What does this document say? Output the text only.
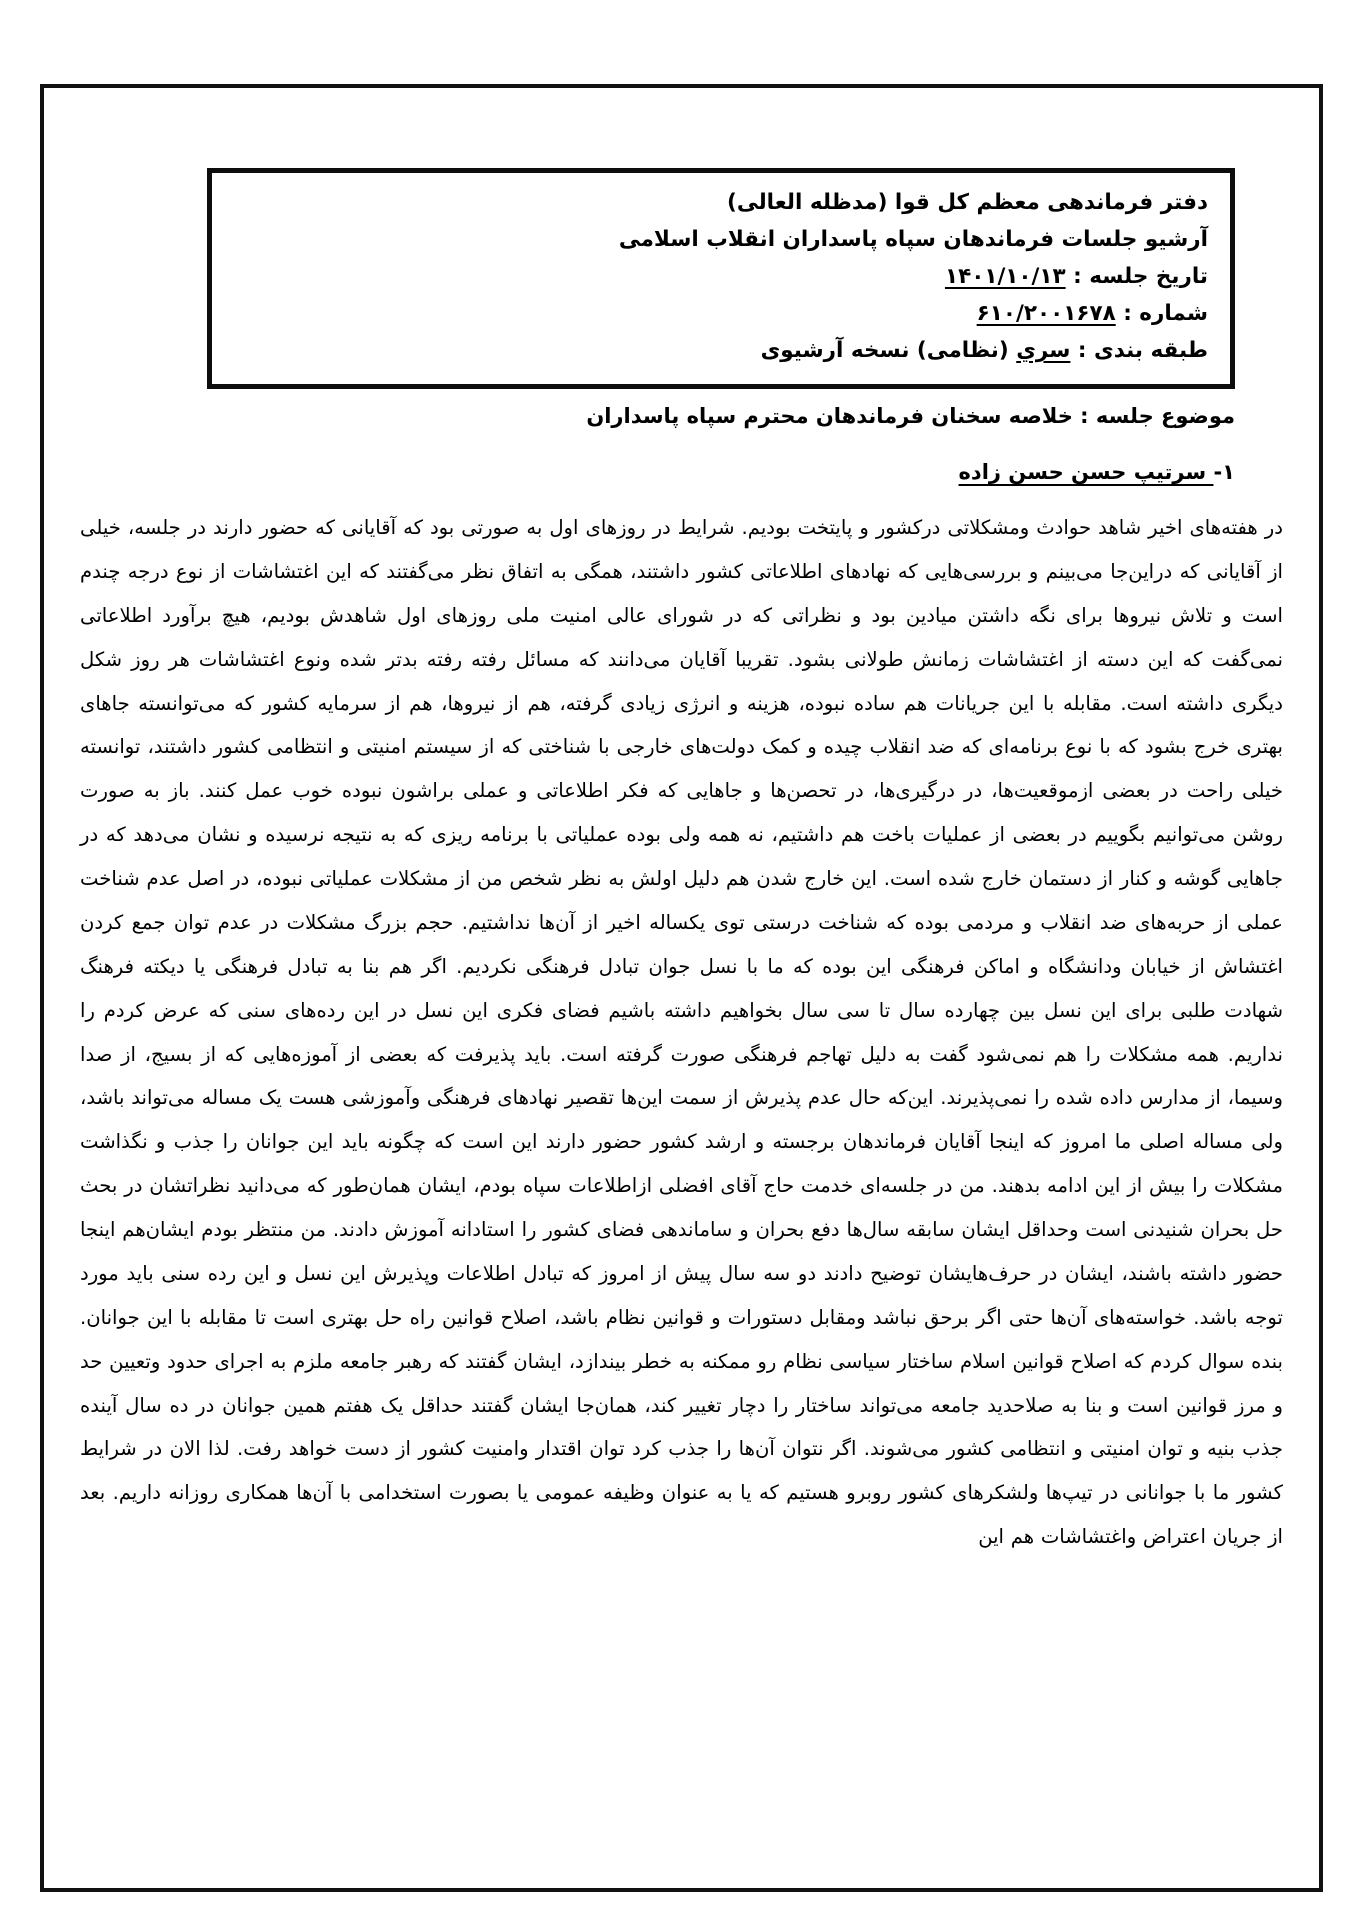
دفتر فرماندهی معظم کل قوا (مدظله العالی)
آرشیو جلسات فرماندهان سپاه پاسداران انقلاب اسلامی
تاریخ جلسه : ۱۴۰۱/۱۰/۱۳
شماره : ۶۱۰/۲۰۰۱۶۷۸
طبقه بندی : سري (نظامی) نسخه آرشیوی
موضوع جلسه : خلاصه سخنان فرماندهان محترم سپاه پاسداران
۱- سرتیپ حسن حسن زاده
در هفته‌های اخیر شاهد حوادث ومشکلاتی درکشور و پایتخت بودیم. شرایط در روزهای اول به صورتی بود که آقایانی که حضور دارند در جلسه، خیلی از آقایانی که دراین‌جا می‌بینم و بررسی‌هایی که نهادهای اطلاعاتی کشور داشتند، همگی به اتفاق نظر می‌گفتند که این اغتشاشات از نوع درجه چندم است و تلاش نیروها برای نگه داشتن میادین بود و نظراتی که در شورای عالی امنیت ملی روزهای اول شاهدش بودیم، هیچ برآورد اطلاعاتی نمی‌گفت که این دسته از اغتشاشات زمانش طولانی بشود. تقریبا آقایان می‌دانند که مسائل رفته رفته بدتر شده ونوع اغتشاشات هر روز شکل دیگری داشته است. مقابله با این جریانات هم ساده نبوده، هزینه و انرژی زیادی گرفته، هم از نیروها، هم از سرمایه کشور که می‌توانسته جاهای بهتری خرج بشود که با نوع برنامه‌ای که ضد انقلاب چیده و کمک دولت‌های خارجی با شناختی که از سیستم امنیتی و انتظامی کشور داشتند، توانسته خیلی راحت در بعضی ازموقعیت‌ها، در درگیری‌ها، در تحصن‌ها و جاهایی که فکر اطلاعاتی و عملی براشون نبوده خوب عمل کنند. باز به صورت روشن می‌توانیم بگوییم در بعضی از عملیات باخت هم داشتیم، نه همه ولی بوده عملیاتی با برنامه ریزی که به نتیجه نرسیده و نشان می‌دهد که در جاهایی گوشه و کنار از دستمان خارج شده است. این خارج شدن هم دلیل اولش به نظر شخص من از مشکلات عملیاتی نبوده، در اصل عدم شناخت عملی از حربه‌های ضد انقلاب و مردمی بوده که شناخت درستی توی یکساله اخیر از آن‌ها نداشتیم. حجم بزرگ مشکلات در عدم توان جمع کردن اغتشاش از خیابان ودانشگاه و اماکن فرهنگی این بوده که ما با نسل جوان تبادل فرهنگی نکردیم. اگر هم بنا به تبادل فرهنگی یا دیکته فرهنگ شهادت طلبی برای این نسل بین چهارده سال تا سی سال بخواهیم داشته باشیم فضای فکری این نسل در این رده‌های سنی که عرض کردم را نداریم. همه مشکلات را هم نمی‌شود گفت به دلیل تهاجم فرهنگی صورت گرفته است. باید پذیرفت که بعضی از آموزه‌هایی که از بسیج، از صدا وسیما، از مدارس داده شده را نمی‌پذیرند. این‌که حال عدم پذیرش از سمت این‌ها تقصیر نهادهای فرهنگی وآموزشی هست یک مساله می‌تواند باشد، ولی مساله اصلی ما امروز که اینجا آقایان فرماندهان برجسته و ارشد کشور حضور دارند این است که چگونه باید این جوانان را جذب و نگذاشت مشکلات را بیش از این ادامه بدهند. من در جلسه‌ای خدمت حاج آقای افضلی ازاطلاعات سپاه بودم، ایشان همان‌طور که می‌دانید نظراتشان در بحث حل بحران شنیدنی است وحداقل ایشان سابقه سال‌ها دفع بحران و ساماندهی فضای کشور را استادانه آموزش دادند. من منتظر بودم ایشان‌هم اینجا حضور داشته باشند، ایشان در حرف‌هایشان توضیح دادند دو سه سال پیش از امروز که تبادل اطلاعات وپذیرش این نسل و این رده سنی باید مورد توجه باشد. خواسته‌های آن‌ها حتی اگر برحق نباشد ومقابل دستورات و قوانین نظام باشد، اصلاح قوانین راه حل بهتری است تا مقابله با این جوانان. بنده سوال کردم که اصلاح قوانین اسلام ساختار سیاسی نظام رو ممکنه به خطر بیندازد، ایشان گفتند که رهبر جامعه ملزم به اجرای حدود وتعیین حد و مرز قوانین است و بنا به صلاحدید جامعه می‌تواند ساختار را دچار تغییر کند، همان‌جا ایشان گفتند حداقل یک هفتم همین جوانان در ده سال آینده جذب بنیه و توان امنیتی و انتظامی کشور می‌شوند. اگر نتوان آن‌ها را جذب کرد توان اقتدار وامنیت کشور از دست خواهد رفت. لذا الان در شرایط کشور ما با جوانانی در تیپ‌ها ولشکرهای کشور روبرو هستیم که یا به عنوان وظیفه عمومی یا بصورت استخدامی با آن‌ها همکاری روزانه داریم. بعد از جریان اعتراض واغتشاشات هم این
